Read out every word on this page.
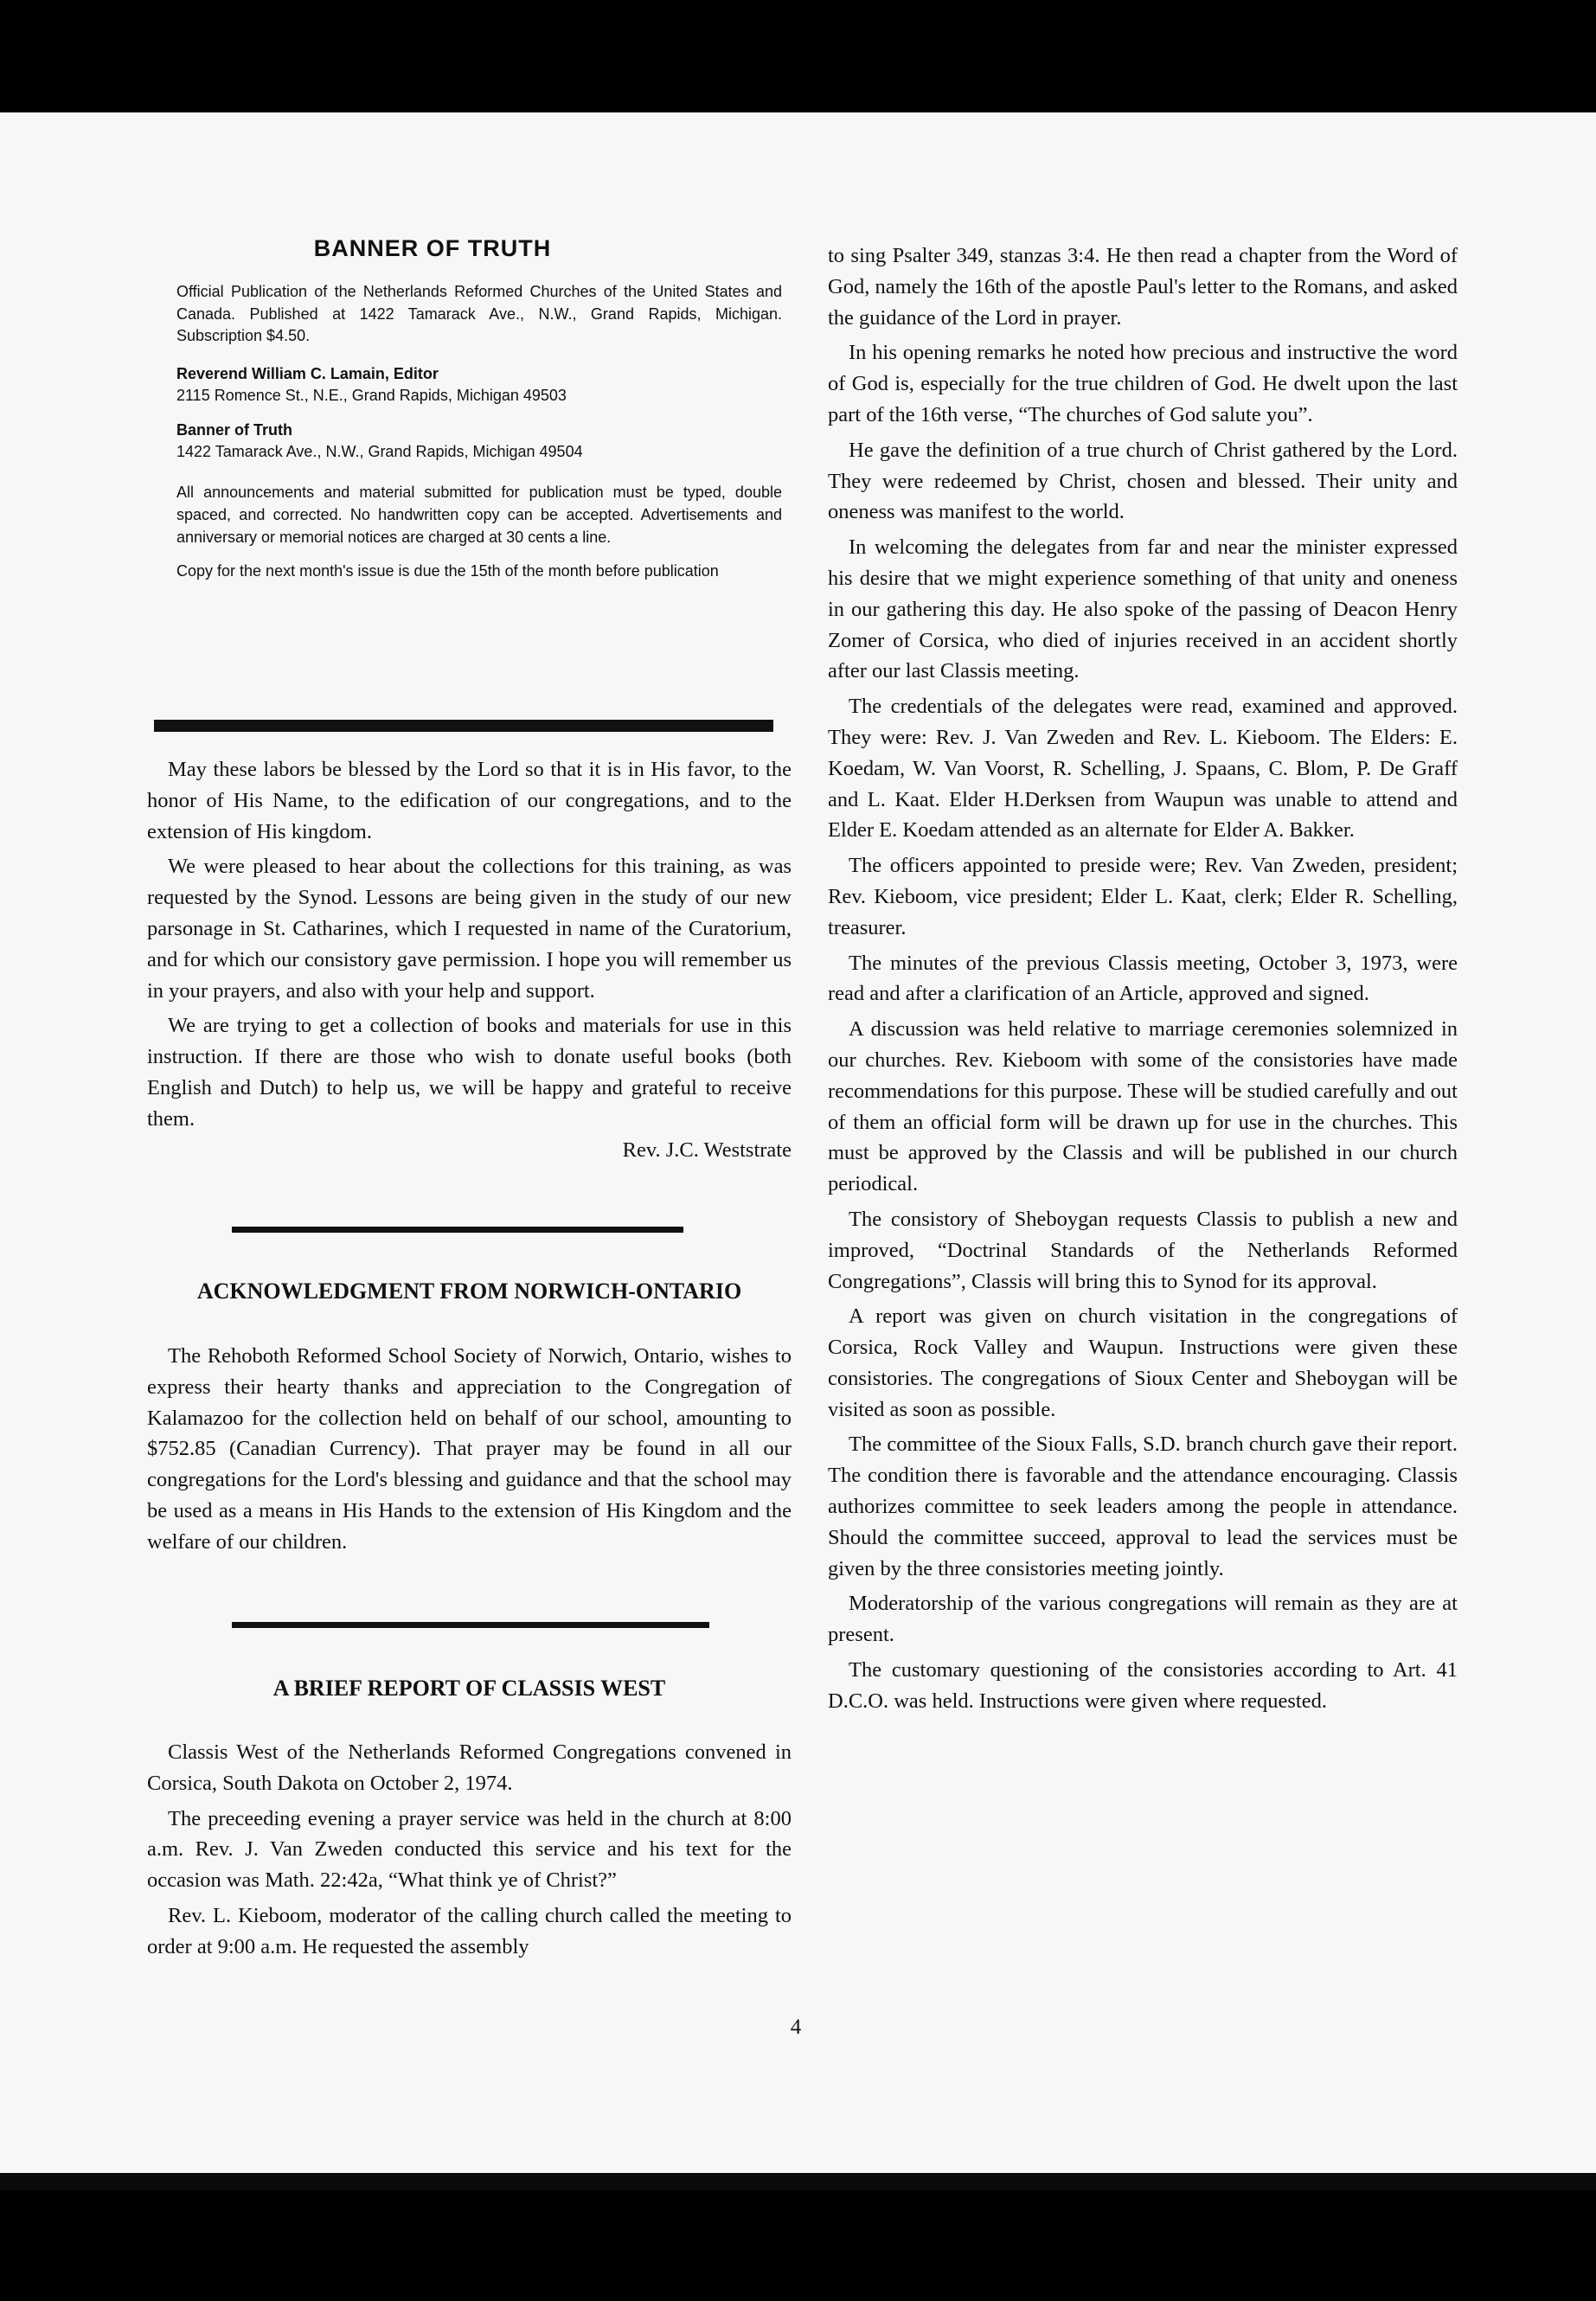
BANNER OF TRUTH

Official Publication of the Netherlands Reformed Churches of the United States and Canada. Published at 1422 Tamarack Ave., N.W., Grand Rapids, Michigan. Subscription $4.50.

Reverend William C. Lamain, Editor

2115 Romence St., N.E., Grand Rapids, Michigan 49503

Banner of Truth

1422 Tamarack Ave., N.W., Grand Rapids, Michigan 49504

All announcements and material submitted for publication must be typed, double spaced, and corrected. No handwritten copy can be accepted. Advertisements and anniversary or memorial notices are charged at 30 cents a line.

Copy for the next month's issue is due the 15th of the month before publication

May these labors be blessed by the Lord so that it is in His favor, to the honor of His Name, to the edification of our congregations, and to the extension of His kingdom.

We were pleased to hear about the collections for this training, as was requested by the Synod. Lessons are being given in the study of our new parsonage in St. Catharines, which I requested in name of the Curatorium, and for which our consistory gave permission. I hope you will remember us in your prayers, and also with your help and support.

We are trying to get a collection of books and materials for use in this instruction. If there are those who wish to donate useful books (both English and Dutch) to help us, we will be happy and grateful to receive them.

Rev. J.C. Weststrate

ACKNOWLEDGMENT FROM NORWICH-ONTARIO

The Rehoboth Reformed School Society of Norwich, Ontario, wishes to express their hearty thanks and appreciation to the Congregation of Kalamazoo for the collection held on behalf of our school, amounting to $752.85 (Canadian Currency). That prayer may be found in all our congregations for the Lord's blessing and guidance and that the school may be used as a means in His Hands to the extension of His Kingdom and the welfare of our children.

A BRIEF REPORT OF CLASSIS WEST

Classis West of the Netherlands Reformed Congregations convened in Corsica, South Dakota on October 2, 1974.

The preceeding evening a prayer service was held in the church at 8:00 a.m. Rev. J. Van Zweden conducted this service and his text for the occasion was Math. 22:42a, “What think ye of Christ?”

Rev. L. Kieboom, moderator of the calling church called the meeting to order at 9:00 a.m. He requested the assembly

to sing Psalter 349, stanzas 3:4. He then read a chapter from the Word of God, namely the 16th of the apostle Paul's letter to the Romans, and asked the guidance of the Lord in prayer.

In his opening remarks he noted how precious and instructive the word of God is, especially for the true children of God. He dwelt upon the last part of the 16th verse, “The churches of God salute you”.

He gave the definition of a true church of Christ gathered by the Lord. They were redeemed by Christ, chosen and blessed. Their unity and oneness was manifest to the world.

In welcoming the delegates from far and near the minister expressed his desire that we might experience something of that unity and oneness in our gathering this day. He also spoke of the passing of Deacon Henry Zomer of Corsica, who died of injuries received in an accident shortly after our last Classis meeting.

The credentials of the delegates were read, examined and approved. They were: Rev. J. Van Zweden and Rev. L. Kieboom. The Elders: E. Koedam, W. Van Voorst, R. Schelling, J. Spaans, C. Blom, P. De Graff and L. Kaat. Elder H.Derksen from Waupun was unable to attend and Elder E. Koedam attended as an alternate for Elder A. Bakker.

The officers appointed to preside were; Rev. Van Zweden, president; Rev. Kieboom, vice president; Elder L. Kaat, clerk; Elder R. Schelling, treasurer.

The minutes of the previous Classis meeting, October 3, 1973, were read and after a clarification of an Article, approved and signed.

A discussion was held relative to marriage ceremonies solemnized in our churches. Rev. Kieboom with some of the consistories have made recommendations for this purpose. These will be studied carefully and out of them an official form will be drawn up for use in the churches. This must be approved by the Classis and will be published in our church periodical.

The consistory of Sheboygan requests Classis to publish a new and improved, “Doctrinal Standards of the Netherlands Reformed Congregations”, Classis will bring this to Synod for its approval.

A report was given on church visitation in the congregations of Corsica, Rock Valley and Waupun. Instructions were given these consistories. The congregations of Sioux Center and Sheboygan will be visited as soon as possible.

The committee of the Sioux Falls, S.D. branch church gave their report. The condition there is favorable and the attendance encouraging. Classis authorizes committee to seek leaders among the people in attendance. Should the committee succeed, approval to lead the services must be given by the three consistories meeting jointly.

Moderatorship of the various congregations will remain as they are at present.

The customary questioning of the consistories according to Art. 41 D.C.O. was held. Instructions were given where requested.

4
